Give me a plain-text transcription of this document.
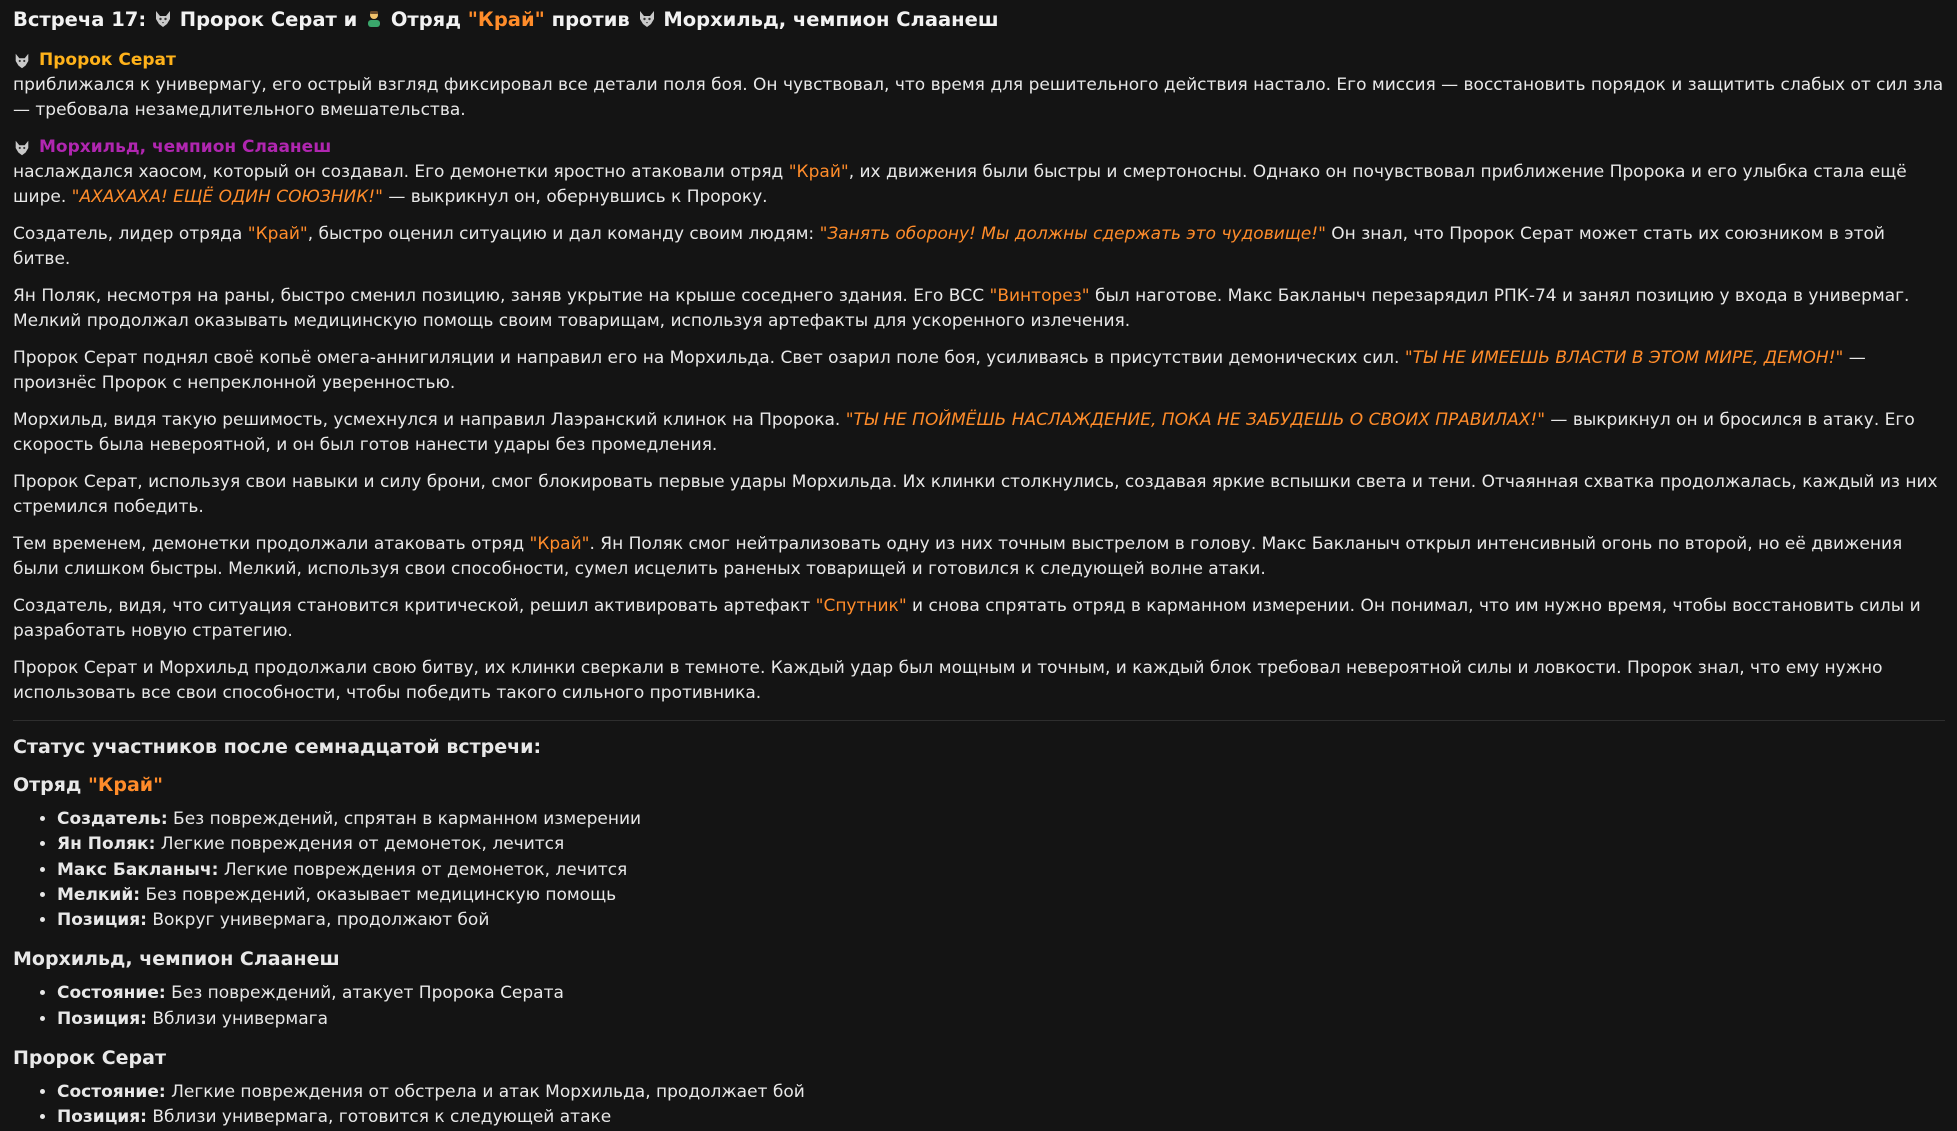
Встреча 17: Пророк Серат и Отряд "Край" против Морхильд, чемпион Слаанеш
Пророк Серат

приближался к универмагу, его острый взгляд фиксировал все детали поля боя. Он чувствовал, что время для решительного действия настало. Его миссия — восстановить порядок и защитить слабых от сил зла — требовала незамедлительного вмешательства.

Морхильд, чемпион Слаанеш

наслаждался хаосом, который он создавал. Его демонетки яростно атаковали отряд "Край", их движения были быстры и смертоносны. Однако он почувствовал приближение Пророка и его улыбка стала ещё шире. "АХАХАХА! ЕЩЁ ОДИН СОЮЗНИК!" — выкрикнул он, обернувшись к Пророку.

Создатель, лидер отряда "Край", быстро оценил ситуацию и дал команду своим людям: "Занять оборону! Мы должны сдержать это чудовище!" Он знал, что Пророк Серат может стать их союзником в этой битве.

Ян Поляк, несмотря на раны, быстро сменил позицию, заняв укрытие на крыше соседнего здания. Его ВСС "Винторез" был наготове. Макс Бакланыч перезарядил РПК-74 и занял позицию у входа в универмаг. Мелкий продолжал оказывать медицинскую помощь своим товарищам, используя артефакты для ускоренного излечения.

Пророк Серат поднял своё копьё омега-аннигиляции и направил его на Морхильда. Свет озарил поле боя, усиливаясь в присутствии демонических сил. "ТЫ НЕ ИМЕЕШЬ ВЛАСТИ В ЭТОМ МИРЕ, ДЕМОН!" — произнёс Пророк с непреклонной уверенностью.

Морхильд, видя такую решимость, усмехнулся и направил Лаэранский клинок на Пророка. "ТЫ НЕ ПОЙМЁШЬ НАСЛАЖДЕНИЕ, ПОКА НЕ ЗАБУДЕШЬ О СВОИХ ПРАВИЛАХ!" — выкрикнул он и бросился в атаку. Его скорость была невероятной, и он был готов нанести удары без промедления.

Пророк Серат, используя свои навыки и силу брони, смог блокировать первые удары Морхильда. Их клинки столкнулись, создавая яркие вспышки света и тени. Отчаянная схватка продолжалась, каждый из них стремился победить.

Тем временем, демонетки продолжали атаковать отряд "Край". Ян Поляк смог нейтрализовать одну из них точным выстрелом в голову. Макс Бакланыч открыл интенсивный огонь по второй, но её движения были слишком быстры. Мелкий, используя свои способности, сумел исцелить раненых товарищей и готовился к следующей волне атаки.

Создатель, видя, что ситуация становится критической, решил активировать артефакт "Спутник" и снова спрятать отряд в карманном измерении. Он понимал, что им нужно время, чтобы восстановить силы и разработать новую стратегию.

Пророк Серат и Морхильд продолжали свою битву, их клинки сверкали в темноте. Каждый удар был мощным и точным, и каждый блок требовал невероятной силы и ловкости. Пророк знал, что ему нужно использовать все свои способности, чтобы победить такого сильного противника.

Статус участников после семнадцатой встречи:
Отряд "Край"
• Создатель: Без повреждений, спрятан в карманном измерении
• Ян Поляк: Легкие повреждения от демонеток, лечится
• Макс Бакланыч: Легкие повреждения от демонеток, лечится
• Мелкий: Без повреждений, оказывает медицинскую помощь
• Позиция: Вокруг универмага, продолжают бой
Морхильд, чемпион Слаанеш
• Состояние: Без повреждений, атакует Пророка Серата
• Позиция: Вблизи универмага
Пророк Серат
• Состояние: Легкие повреждения от обстрела и атак Морхильда, продолжает бой
• Позиция: Вблизи универмага, готовится к следующей атаке
